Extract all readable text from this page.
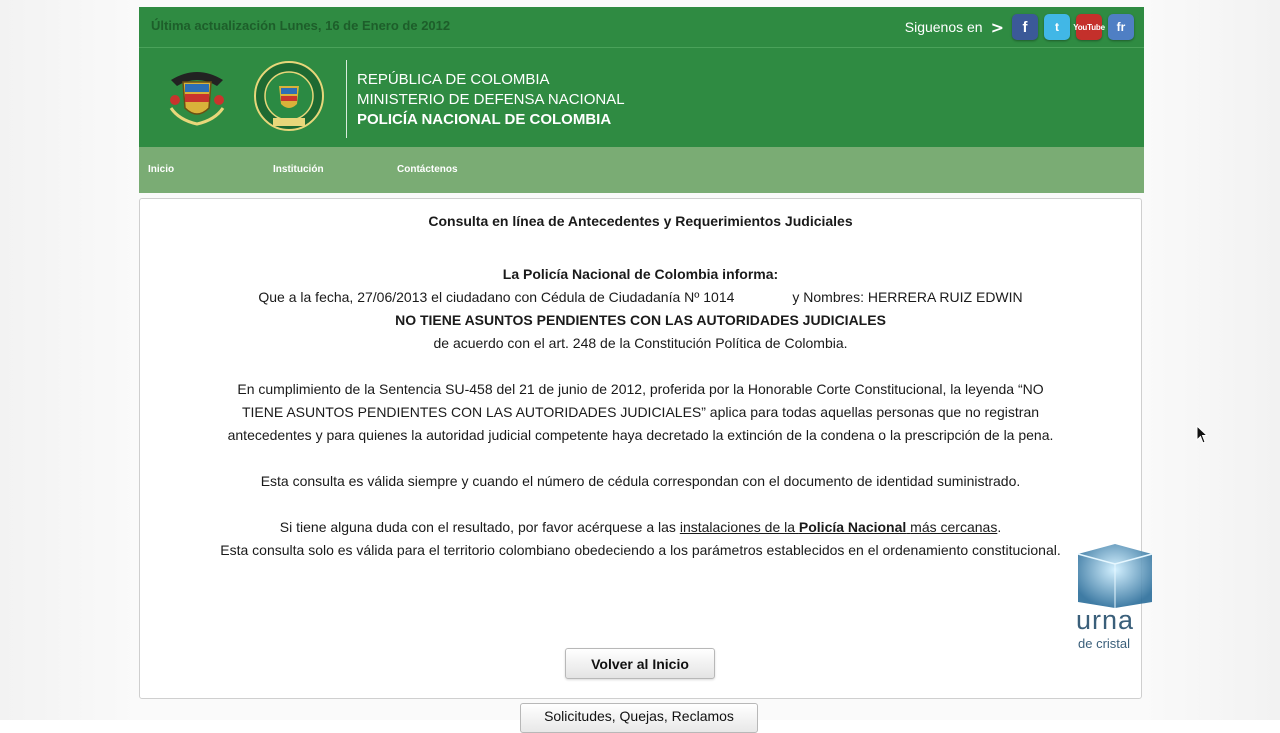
Última actualización Lunes, 16 de Enero de 2012	Siguenos en >	f	t	YouTube fr
REPÚBLICA DE COLOMBIA
MINISTERIO DE DEFENSA NACIONAL
POLICÍA NACIONAL DE COLOMBIA
Inicio	Institución	Contáctenos
Consulta en línea de Antecedentes y Requerimientos Judiciales
La Policía Nacional de Colombia informa:
Que a la fecha, 27/06/2013 el ciudadano con Cédula de Ciudadanía Nº 1014	y Nombres: HERRERA RUIZ EDWIN
NO TIENE ASUNTOS PENDIENTES CON LAS AUTORIDADES JUDICIALES
de acuerdo con el art. 248 de la Constitución Política de Colombia.
En cumplimiento de la Sentencia SU-458 del 21 de junio de 2012, proferida por la Honorable Corte Constitucional, la leyenda “NO
TIENE ASUNTOS PENDIENTES CON LAS AUTORIDADES JUDICIALES” aplica para todas aquellas personas que no registran
antecedentes y para quienes la autoridad judicial competente haya decretado la extinción de la condena o la prescripción de la pena.
Esta consulta es válida siempre y cuando el número de cédula correspondan con el documento de identidad suministrado.
Si tiene alguna duda con el resultado, por favor acérquese a las instalaciones de la Policía Nacional más cercanas.
Esta consulta solo es válida para el territorio colombiano obedeciendo a los parámetros establecidos en el ordenamiento constitucional.
Volver al Inicio
Solicitudes, Quejas, Reclamos
urna
de cristal
